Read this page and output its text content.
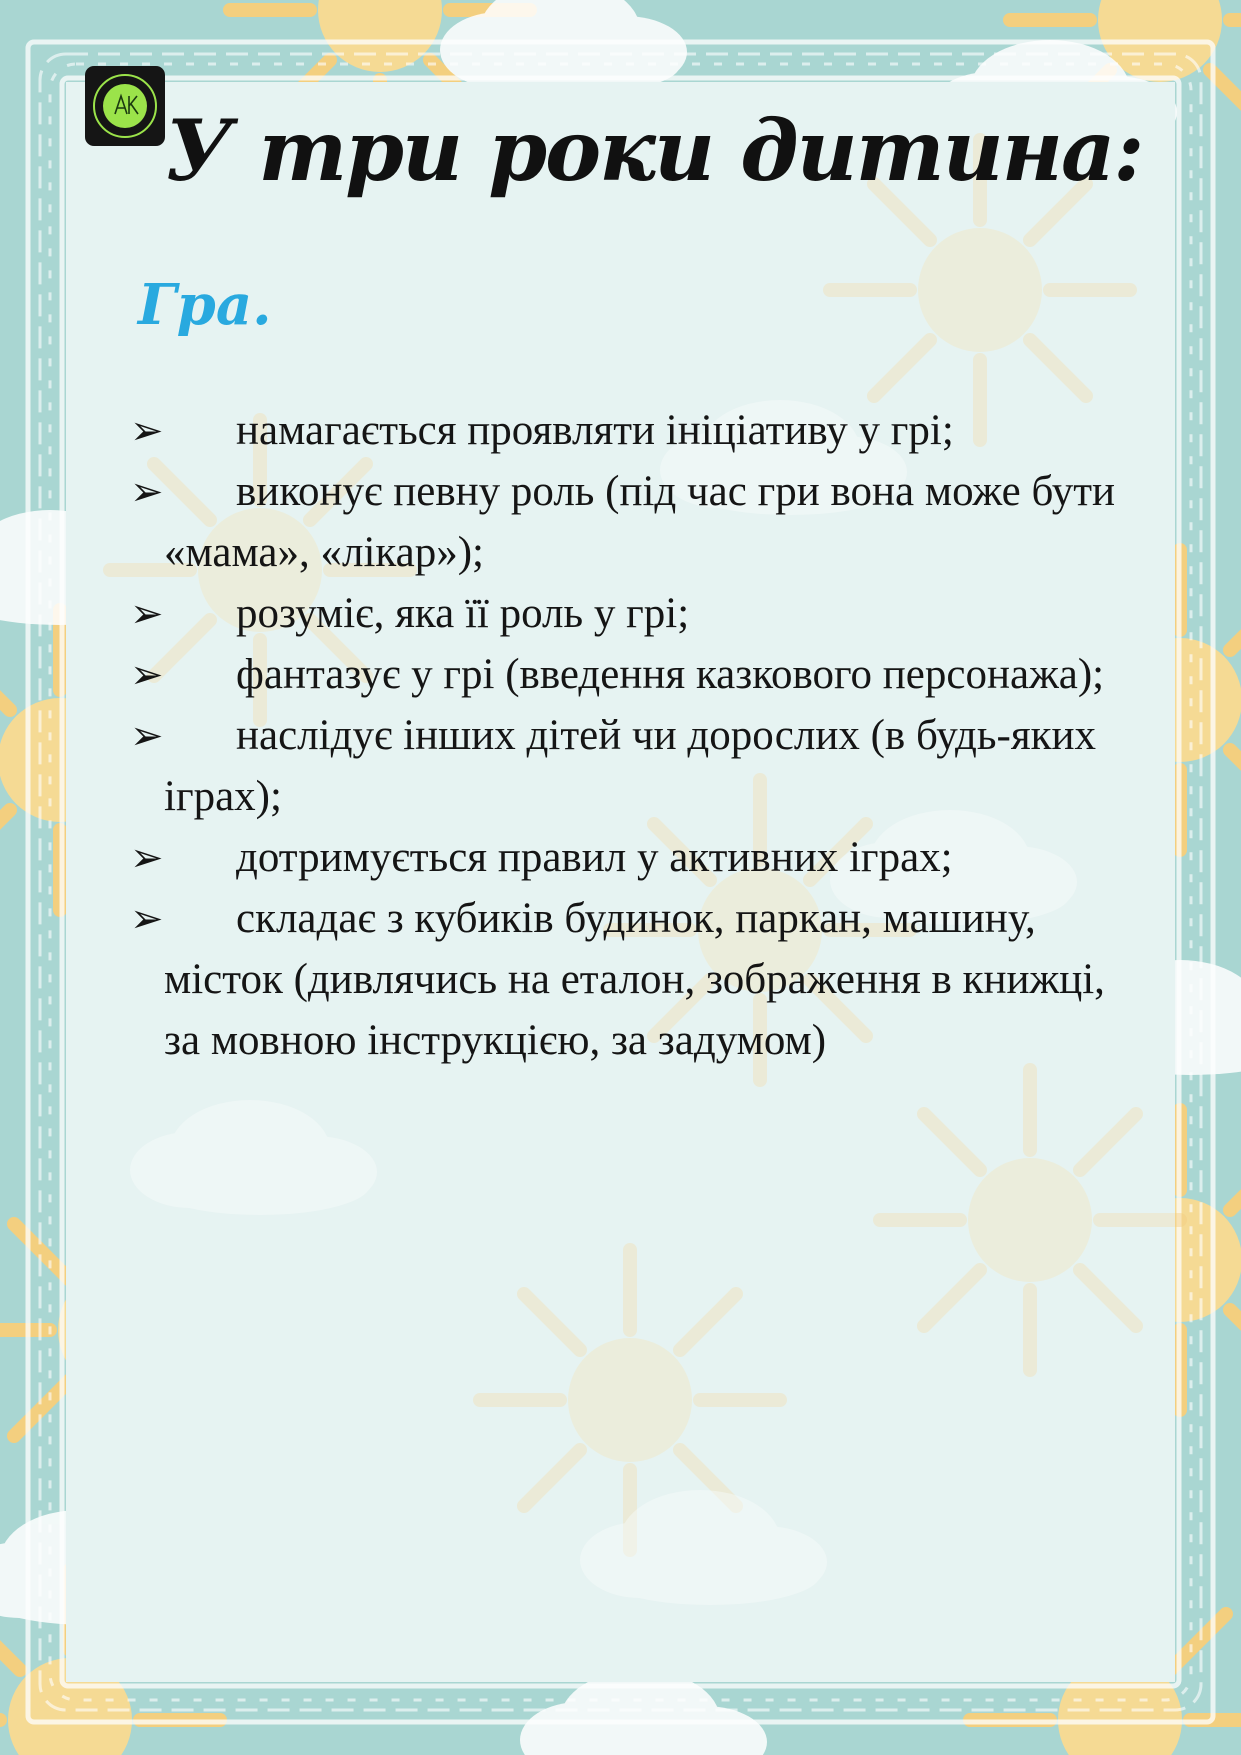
У три роки дитина:
Гра.
➢ намагається проявляти ініціативу у грі;
➢ виконує певну роль (під час гри вона може бути «мама», «лікар»);
➢ розуміє, яка її роль у грі;
➢ фантазує у грі (введення казкового персонажа);
➢ наслідує інших дітей чи дорослих (в будь-яких іграх);
➢ дотримується правил у активних іграх;
➢ складає з кубиків будинок, паркан, машину, місток (дивлячись на еталон, зображення в книжці, за мовною інструкцією, за задумом)
